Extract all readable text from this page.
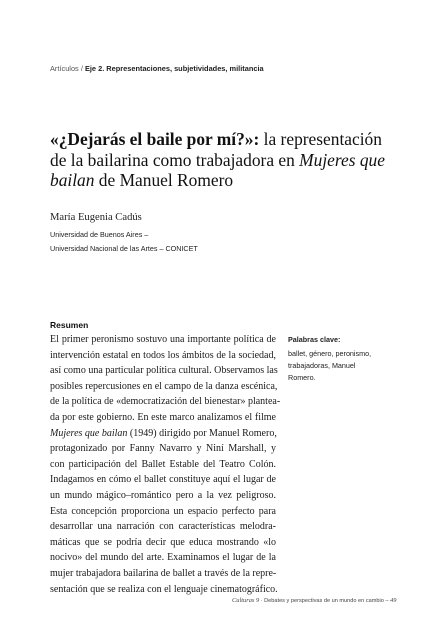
Artículos / Eje 2. Representaciones, subjetividades, militancia
«¿Dejarás el baile por mí?»: la representación de la bailarina como trabajadora en Mujeres que bailan de Manuel Romero
María Eugenia Cadús
Universidad de Buenos Aires –
Universidad Nacional de las Artes – CONICET
Resumen
El primer peronismo sostuvo una importante política de
intervención estatal en todos los ámbitos de la sociedad,
así como una particular política cultural. Observamos las
posibles repercusiones en el campo de la danza escénica,
de la política de «democratización del bienestar» plantea-
da por este gobierno. En este marco analizamos el filme
Mujeres que bailan (1949) dirigido por Manuel Romero,
protagonizado por Fanny Navarro y Niní Marshall, y
con participación del Ballet Estable del Teatro Colón.
Indagamos en cómo el ballet constituye aquí el lugar de
un mundo mágico–romántico pero a la vez peligroso.
Esta concepción proporciona un espacio perfecto para
desarrollar una narración con características melodra-
máticas que se podría decir que educa mostrando «lo
nocivo» del mundo del arte. Examinamos el lugar de la
mujer trabajadora bailarina de ballet a través de la repre-
sentación que se realiza con el lenguaje cinematográfico.
Palabras clave:
ballet, género, peronismo,
trabajadoras, Manuel
Romero.
Culturas 9 · Debates y perspectivas de un mundo en cambio – 49
